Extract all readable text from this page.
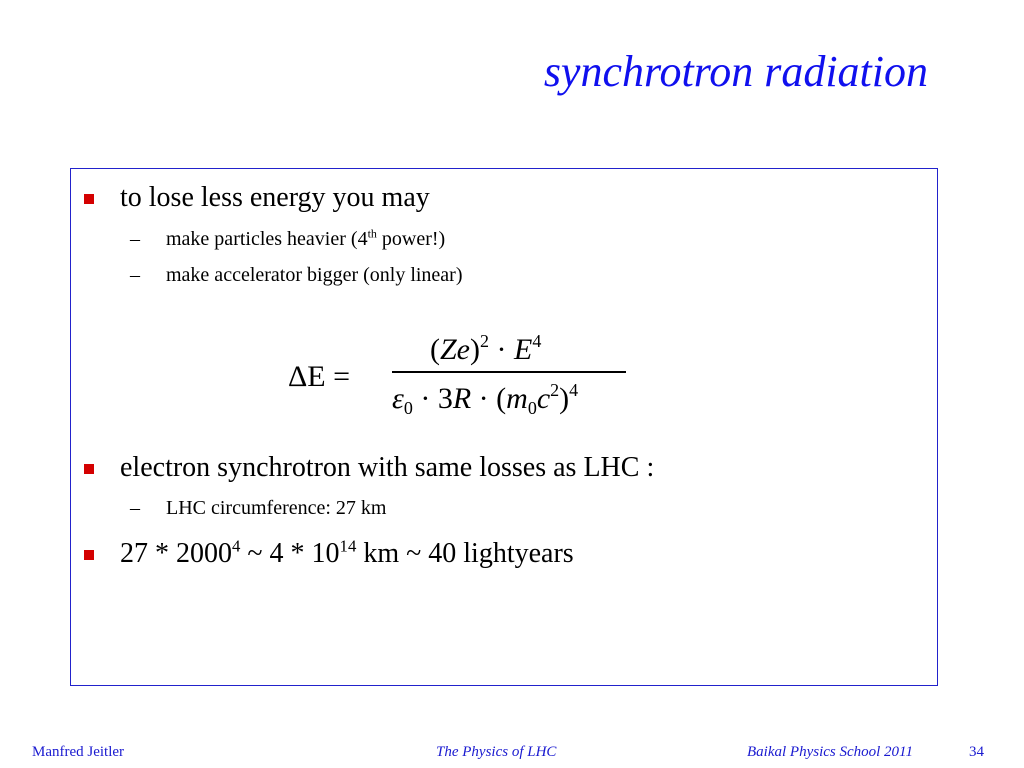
synchrotron radiation
to lose less energy you may
– make particles heavier (4th power!)
– make accelerator bigger (only linear)
ΔE =
$(Ze)^2 \cdot E^4$
$\varepsilon_0 \cdot 3R \cdot (m_0c^2)^4$
electron synchrotron with same losses as LHC :
– LHC circumference: 27 km
27 * 2000$^4$ ~ $4 * 10^{14}$ km ~ 40 lightyears
Manfred Jeitler	The Physics of LHC	Baikal Physics School 2011	34
